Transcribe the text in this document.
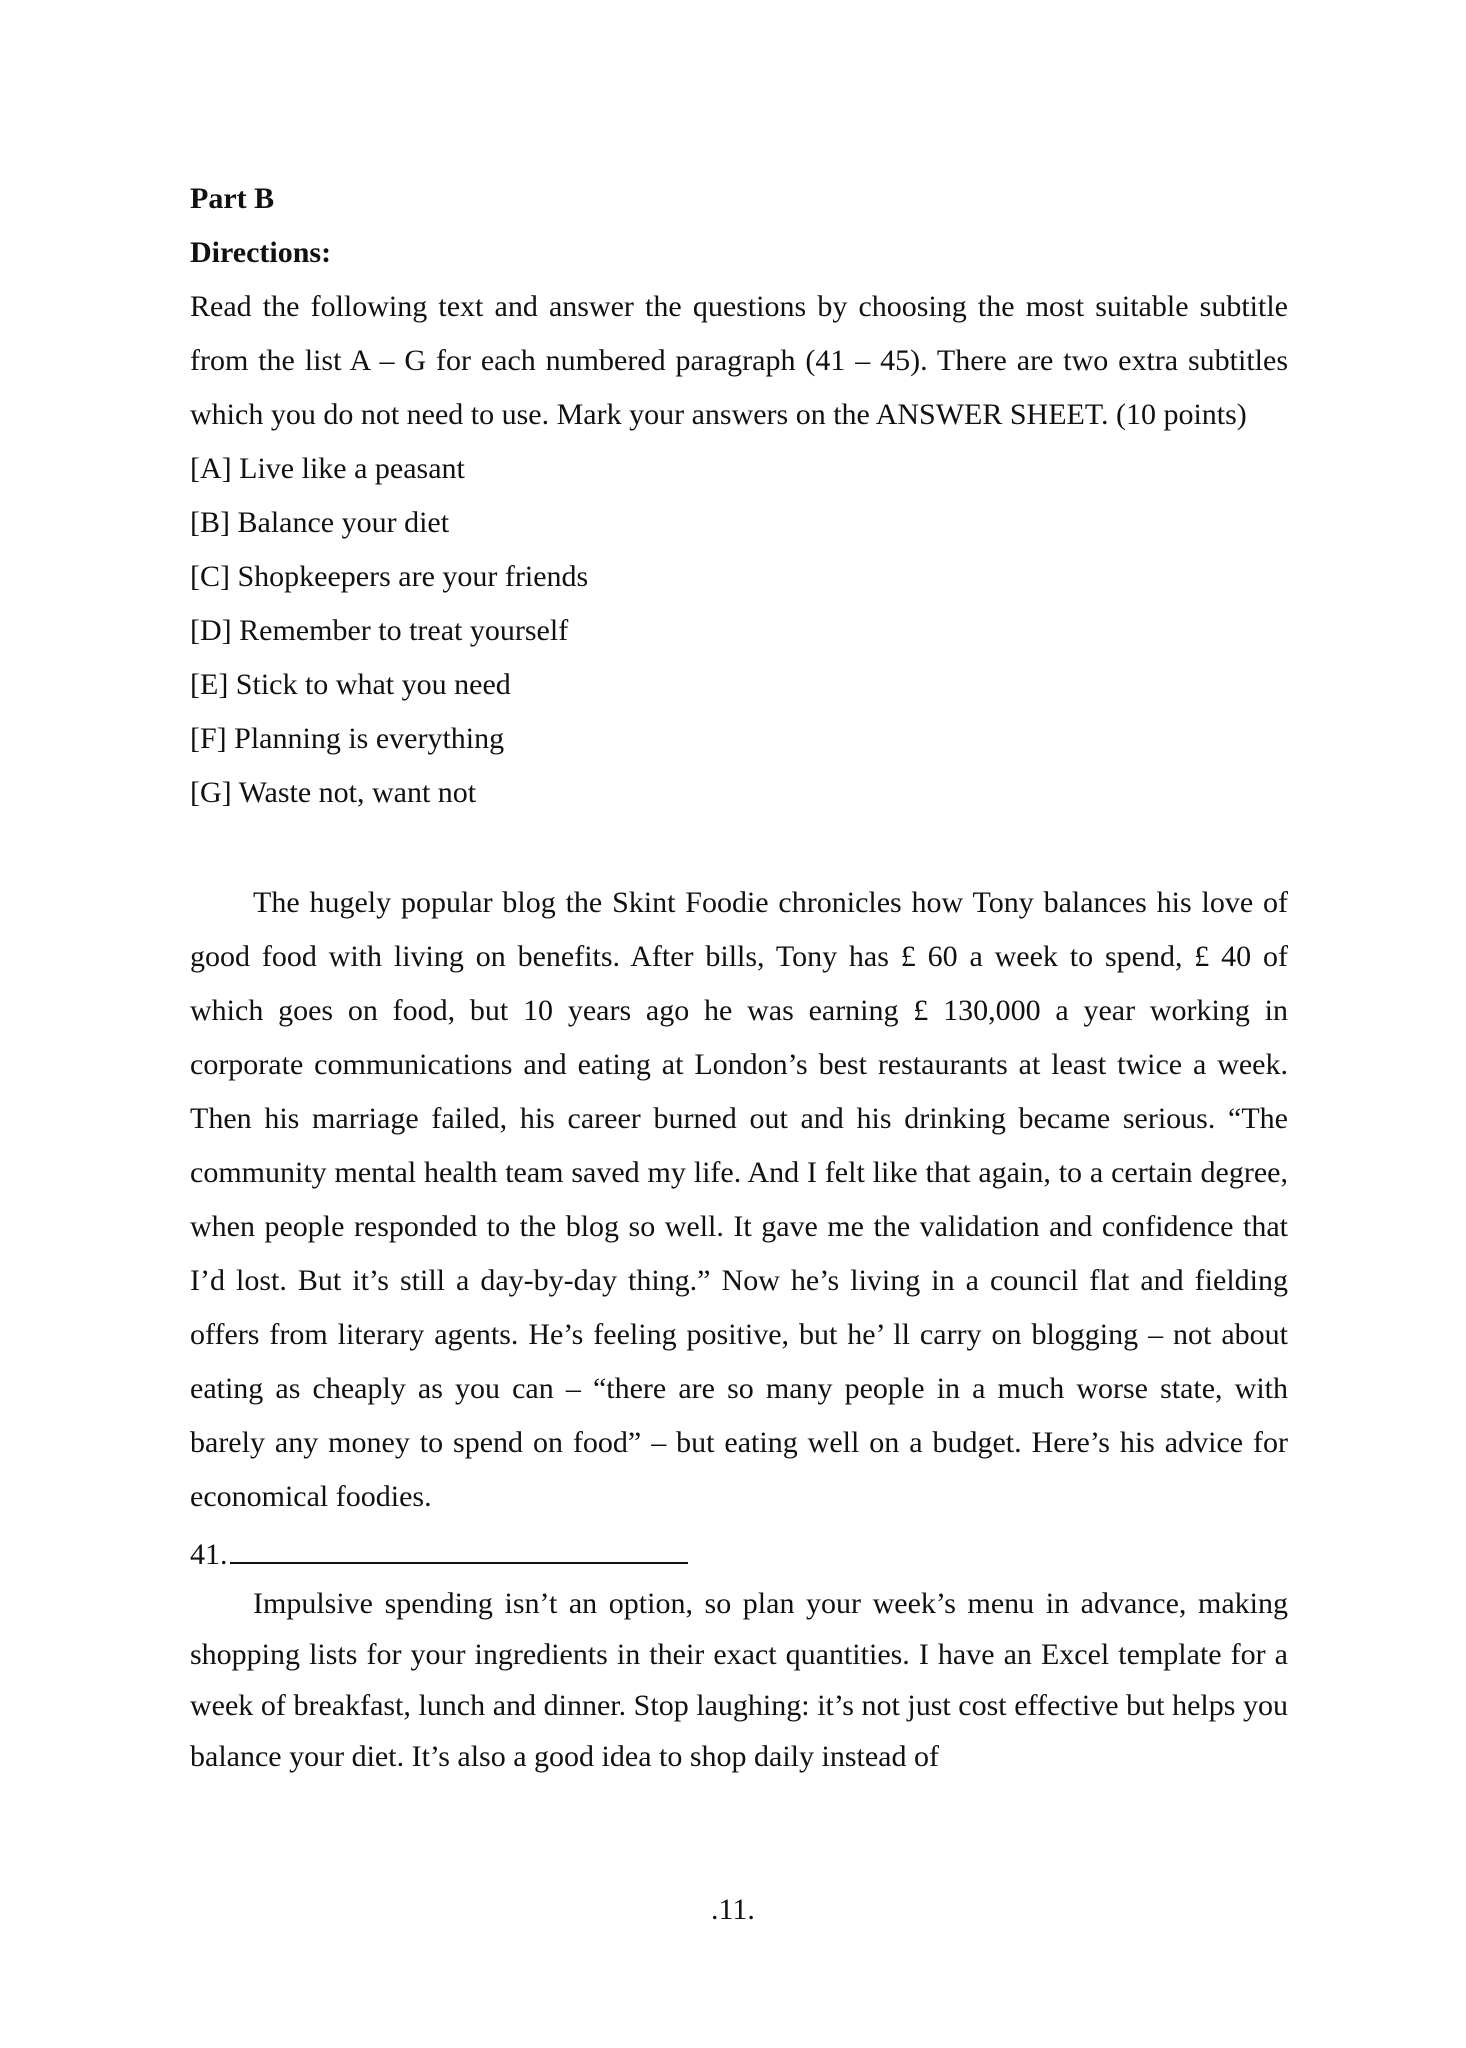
Part B

Directions:

Read the following text and answer the questions by choosing the most suitable subtitle from the list A – G for each numbered paragraph (41 – 45). There are two extra subtitles which you do not need to use. Mark your answers on the ANSWER SHEET. (10 points)

[A] Live like a peasant
[B] Balance your diet
[C] Shopkeepers are your friends
[D] Remember to treat yourself
[E] Stick to what you need
[F] Planning is everything
[G] Waste not, want not

The hugely popular blog the Skint Foodie chronicles how Tony balances his love of good food with living on benefits. After bills, Tony has £ 60 a week to spend, £ 40 of which goes on food, but 10 years ago he was earning £ 130,000 a year working in corporate communications and eating at London’s best restaurants at least twice a week. Then his marriage failed, his career burned out and his drinking became serious. “The community mental health team saved my life. And I felt like that again, to a certain degree, when people responded to the blog so well. It gave me the validation and confidence that I’d lost. But it’s still a day-by-day thing.” Now he’s living in a council flat and fielding offers from literary agents. He’s feeling positive, but he’ ll carry on blogging – not about eating as cheaply as you can – “there are so many people in a much worse state, with barely any money to spend on food” – but eating well on a budget. Here’s his advice for economical foodies.

41.

Impulsive spending isn’t an option, so plan your week’s menu in advance, making shopping lists for your ingredients in their exact quantities. I have an Excel template for a week of breakfast, lunch and dinner. Stop laughing: it’s not just cost effective but helps you balance your diet. It’s also a good idea to shop daily instead of

.11.
